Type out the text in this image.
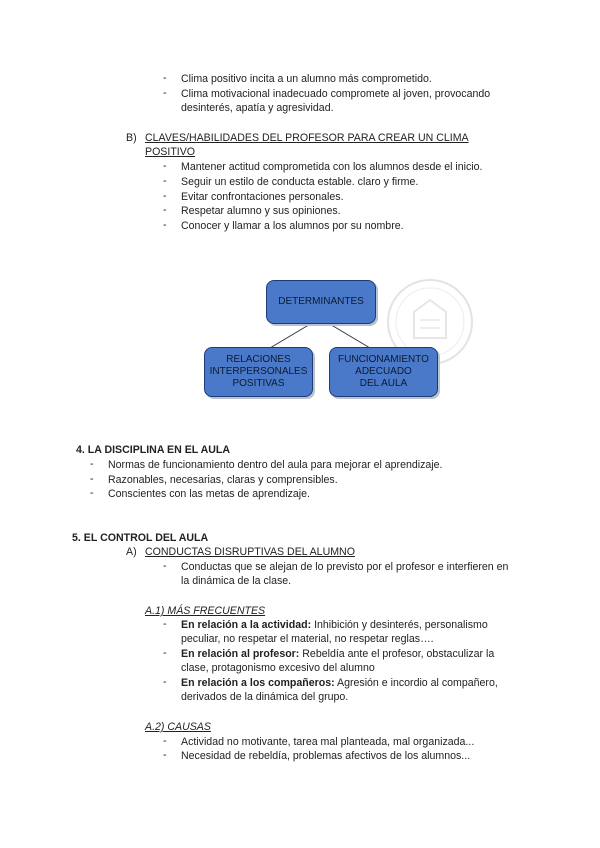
-	Clima positivo incita a un alumno más comprometido.
-	Clima motivacional inadecuado compromete al joven, provocando
desinterés, apatía y agresividad.
B) CLAVES/HABILIDADES DEL PROFESOR PARA CREAR UN CLIMA
POSITIVO
-	Mantener actitud comprometida con los alumnos desde el inicio.
-	Seguir un estilo de conducta estable. claro y firme.
-	Evitar confrontaciones personales.
-	Respetar alumno y sus opiniones.
-	Conocer y llamar a los alumnos por su nombre.
DETERMINANTES
RELACIONES
INTERPERSONALES
POSITIVAS
FUNCIONAMIENTO
ADECUADO
DEL AULA
4. LA DISCIPLINA EN EL AULA
-	Normas de funcionamiento dentro del aula para mejorar el aprendizaje.
-	Razonables, necesarias, claras y comprensibles.
-	Conscientes con las metas de aprendizaje.
5. EL CONTROL DEL AULA
A) CONDUCTAS DISRUPTIVAS DEL ALUMNO
-	Conductas que se alejan de lo previsto por el profesor e interfieren en
la dinámica de la clase.
A.1) MÁS FRECUENTES
-	En relación a la actividad: Inhibición y desinterés, personalismo
peculiar, no respetar el material, no respetar reglas….
-	En relación al profesor: Rebeldía ante el profesor, obstaculizar la
clase, protagonismo excesivo del alumno
-	En relación a los compañeros: Agresión e incordio al compañero,
derivados de la dinámica del grupo.
A.2) CAUSAS
-	Actividad no motivante, tarea mal planteada, mal organizada...
-	Necesidad de rebeldía, problemas afectivos de los alumnos...
